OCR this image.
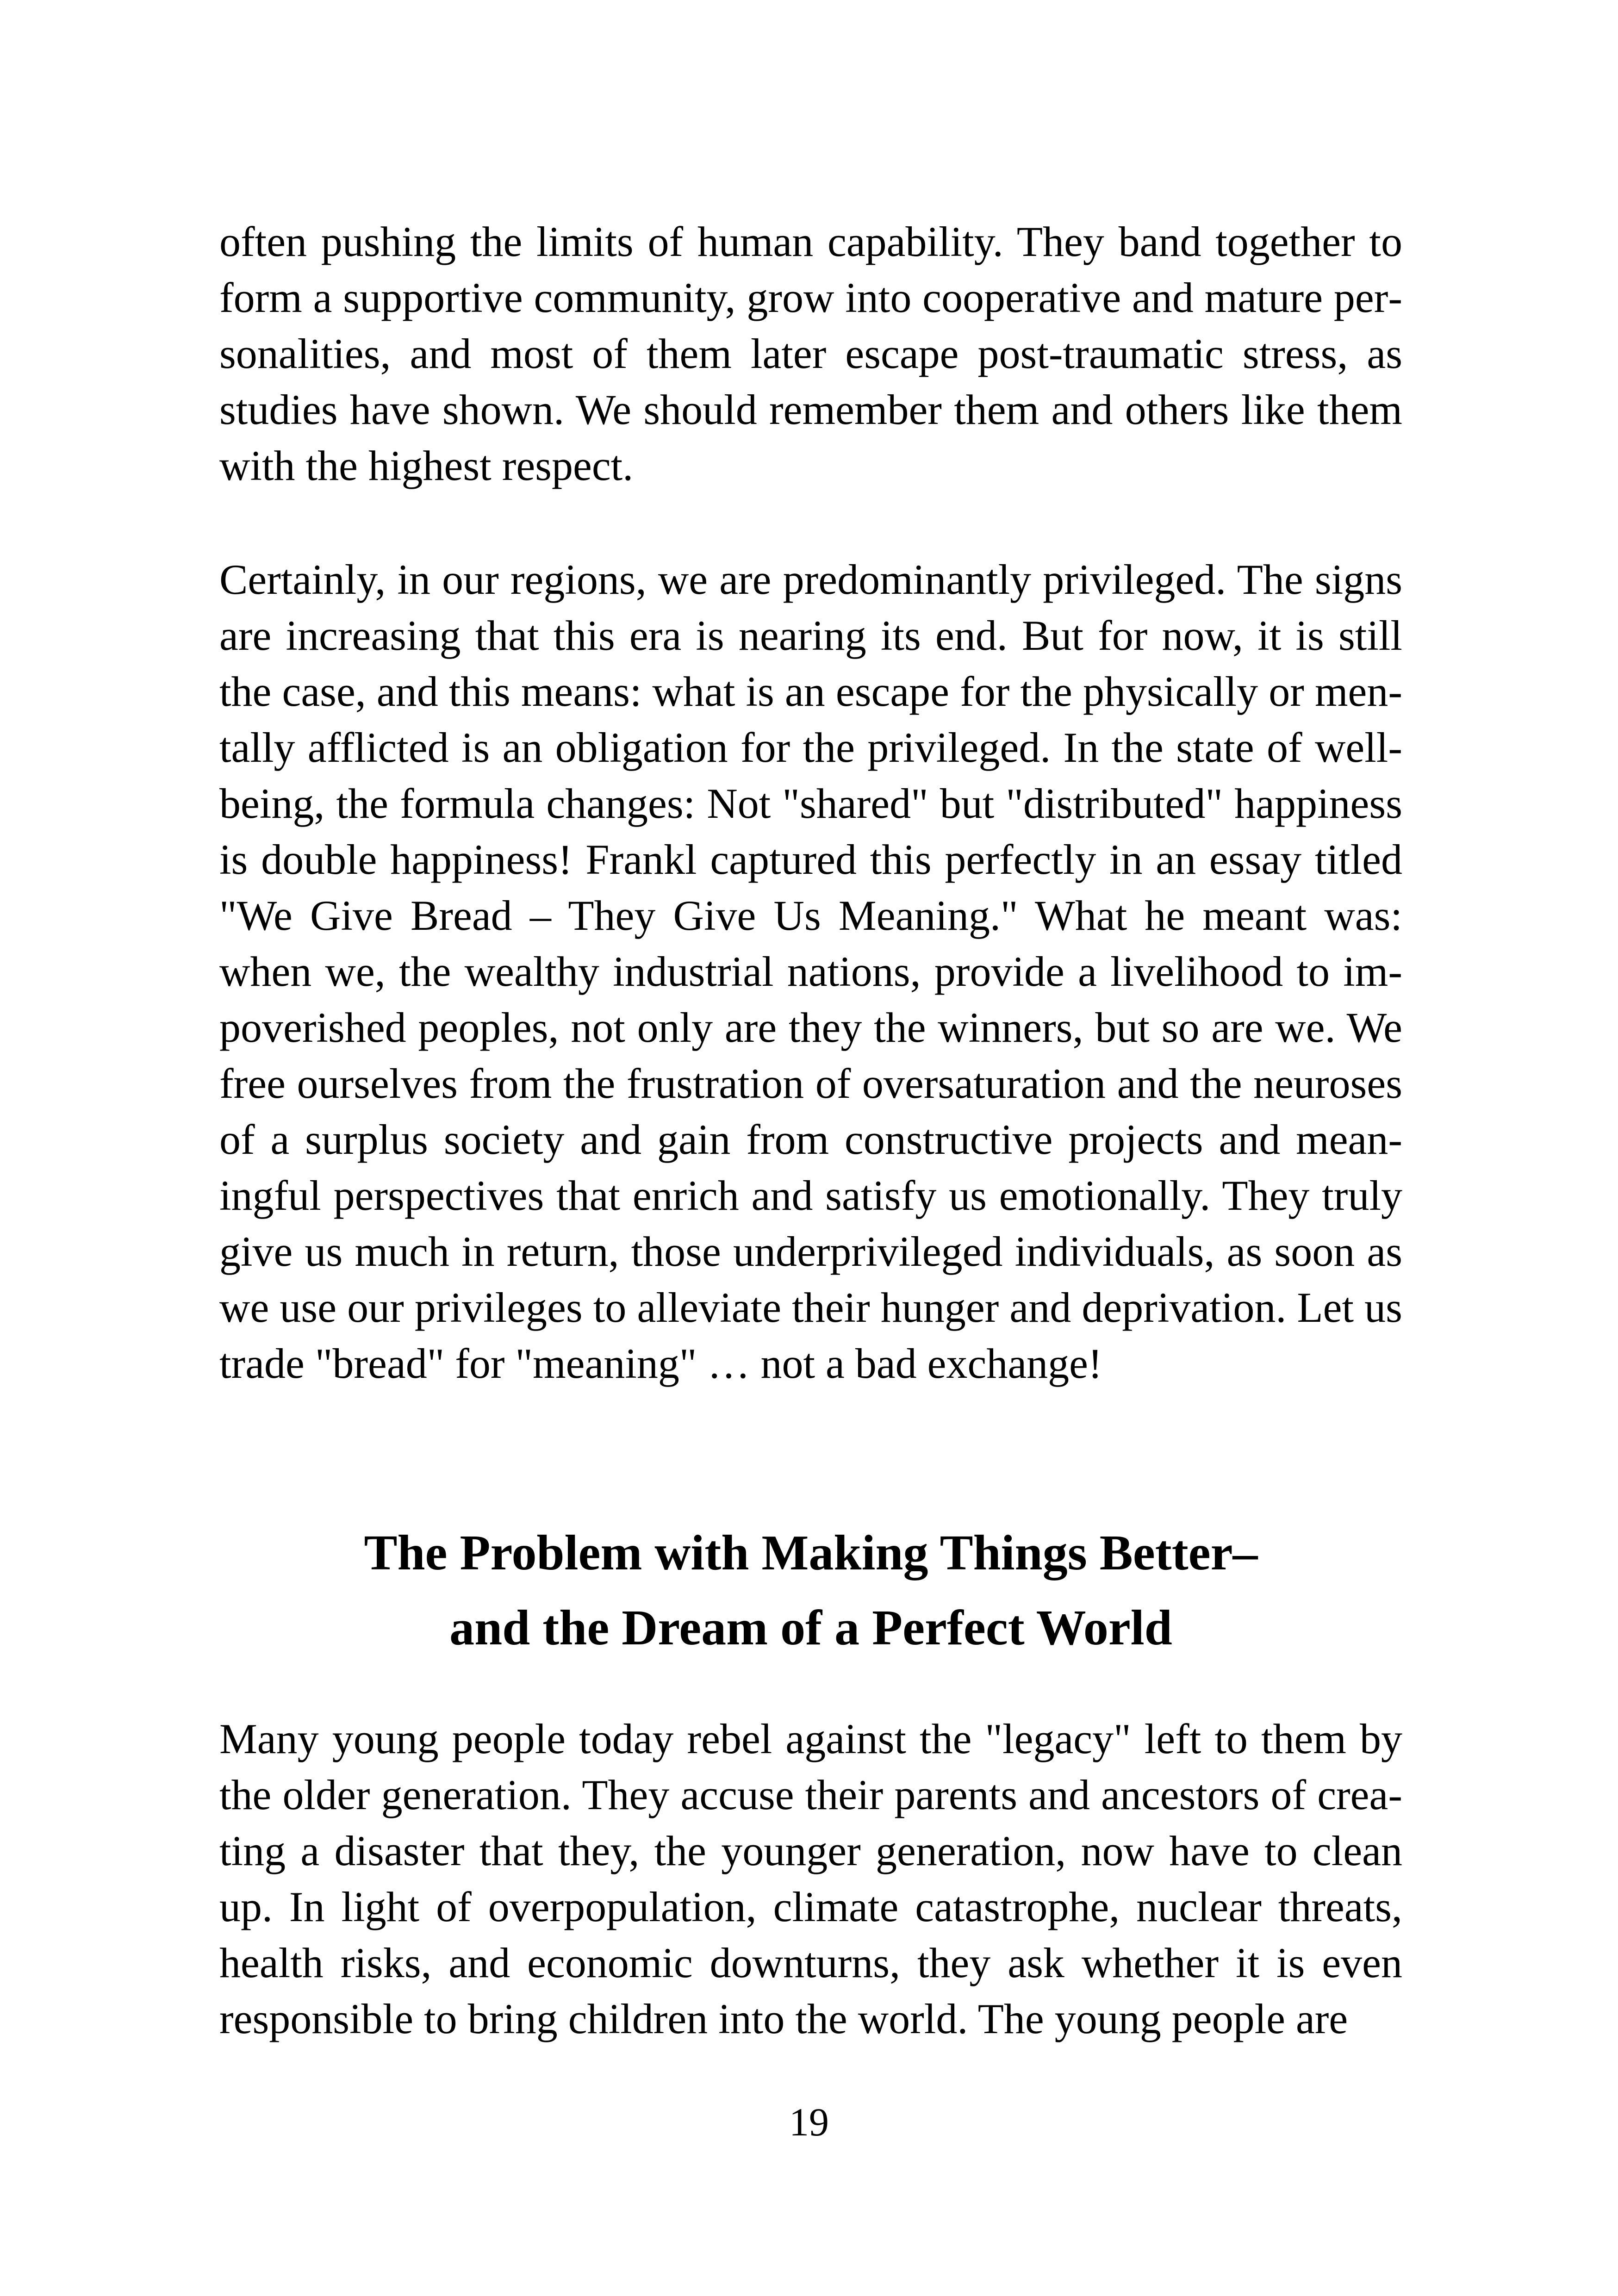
often pushing the limits of human capability. They band together to form a supportive community, grow into cooperative and mature personalities, and most of them later escape post-traumatic stress, as studies have shown. We should remember them and others like them with the highest respect.

Certainly, in our regions, we are predominantly privileged. The signs are increasing that this era is nearing its end. But for now, it is still the case, and this means: what is an escape for the physically or mentally afflicted is an obligation for the privileged. In the state of well-being, the formula changes: Not "shared" but "distributed" happiness is double happiness! Frankl captured this perfectly in an essay titled "We Give Bread – They Give Us Meaning." What he meant was: when we, the wealthy industrial nations, provide a livelihood to impoverished peoples, not only are they the winners, but so are we. We free ourselves from the frustration of oversaturation and the neuroses of a surplus society and gain from constructive projects and meaningful perspectives that enrich and satisfy us emotionally. They truly give us much in return, those underprivileged individuals, as soon as we use our privileges to alleviate their hunger and deprivation. Let us trade "bread" for "meaning" … not a bad exchange!

The Problem with Making Things Better–
and the Dream of a Perfect World

Many young people today rebel against the "legacy" left to them by the older generation. They accuse their parents and ancestors of creating a disaster that they, the younger generation, now have to clean up. In light of overpopulation, climate catastrophe, nuclear threats, health risks, and economic downturns, they ask whether it is even responsible to bring children into the world. The young people are

19
